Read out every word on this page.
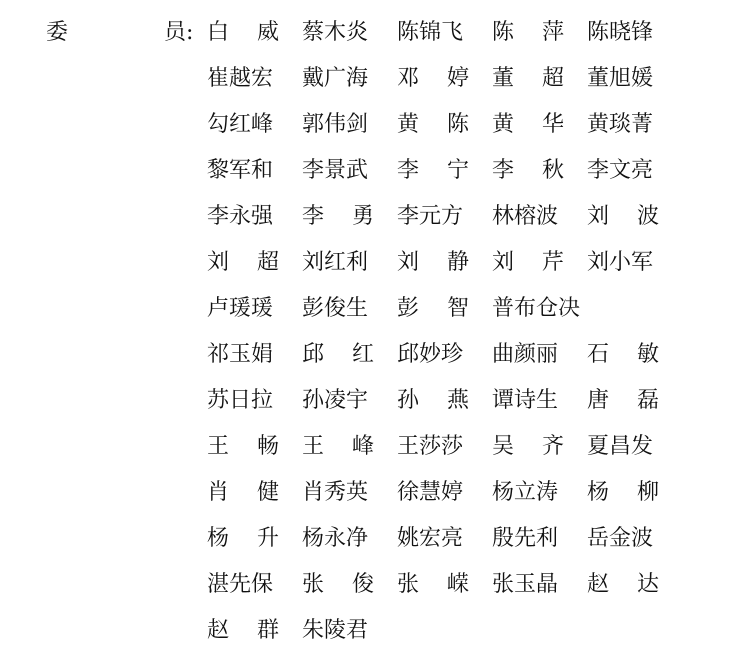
委	员: 白 威 蔡木炎 陈锦飞 陈 萍 陈晓锋
崔越宏 戴广海 邓 婷 董 超 董旭媛
勾红峰 郭伟剑 黄 陈 黄 华 黄琰菁
黎军和 李景武 李 宁 李 秋 李文亮
李永强 李 勇 李元方 林榕波 刘 波
刘 超 刘红利 刘 静 刘 芹 刘小军
卢瑗瑗 彭俊生 彭 智 普布仓决
祁玉娟 邱 红 邱妙珍 曲颜丽 石 敏
苏日拉 孙凌宇 孙 燕 谭诗生 唐 磊
王 畅 王 峰 王莎莎 吴 齐 夏昌发
肖 健 肖秀英 徐慧婷 杨立涛 杨 柳
杨 升 杨永净 姚宏亮 殷先利 岳金波
湛先保 张 俊 张 嵘 张玉晶 赵 达
赵 群 朱陵君
